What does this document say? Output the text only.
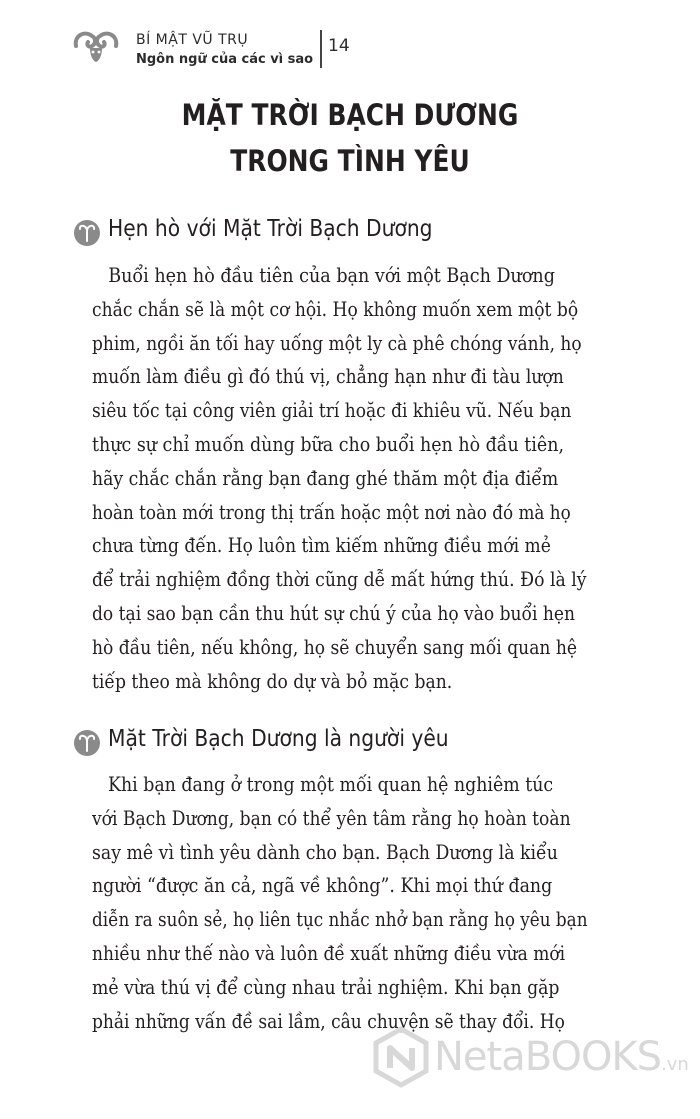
BÍ MẬT VŨ TRỤ
Ngôn ngữ của các vì sao
14
MẶT TRỜI BẠCH DƯƠNG
TRONG TÌNH YÊU
Hẹn hò với Mặt Trời Bạch Dương
Buổi hẹn hò đầu tiên của bạn với một Bạch Dương
chắc chắn sẽ là một cơ hội. Họ không muốn xem một bộ
phim, ngồi ăn tối hay uống một ly cà phê chóng vánh, họ
muốn làm điều gì đó thú vị, chẳng hạn như đi tàu lượn
siêu tốc tại công viên giải trí hoặc đi khiêu vũ. Nếu bạn
thực sự chỉ muốn dùng bữa cho buổi hẹn hò đầu tiên,
hãy chắc chắn rằng bạn đang ghé thăm một địa điểm
hoàn toàn mới trong thị trấn hoặc một nơi nào đó mà họ
chưa từng đến. Họ luôn tìm kiếm những điều mới mẻ
để trải nghiệm đồng thời cũng dễ mất hứng thú. Đó là lý
do tại sao bạn cần thu hút sự chú ý của họ vào buổi hẹn
hò đầu tiên, nếu không, họ sẽ chuyển sang mối quan hệ
tiếp theo mà không do dự và bỏ mặc bạn.
Mặt Trời Bạch Dương là người yêu
Khi bạn đang ở trong một mối quan hệ nghiêm túc
với Bạch Dương, bạn có thể yên tâm rằng họ hoàn toàn
say mê vì tình yêu dành cho bạn. Bạch Dương là kiểu
người “được ăn cả, ngã về không”. Khi mọi thứ đang
diễn ra suôn sẻ, họ liên tục nhắc nhở bạn rằng họ yêu bạn
nhiều như thế nào và luôn đề xuất những điều vừa mới
mẻ vừa thú vị để cùng nhau trải nghiệm. Khi bạn gặp
phải những vấn đề sai lầm, câu chuyện sẽ thay đổi. Họ
NetaBOOKS.vn
